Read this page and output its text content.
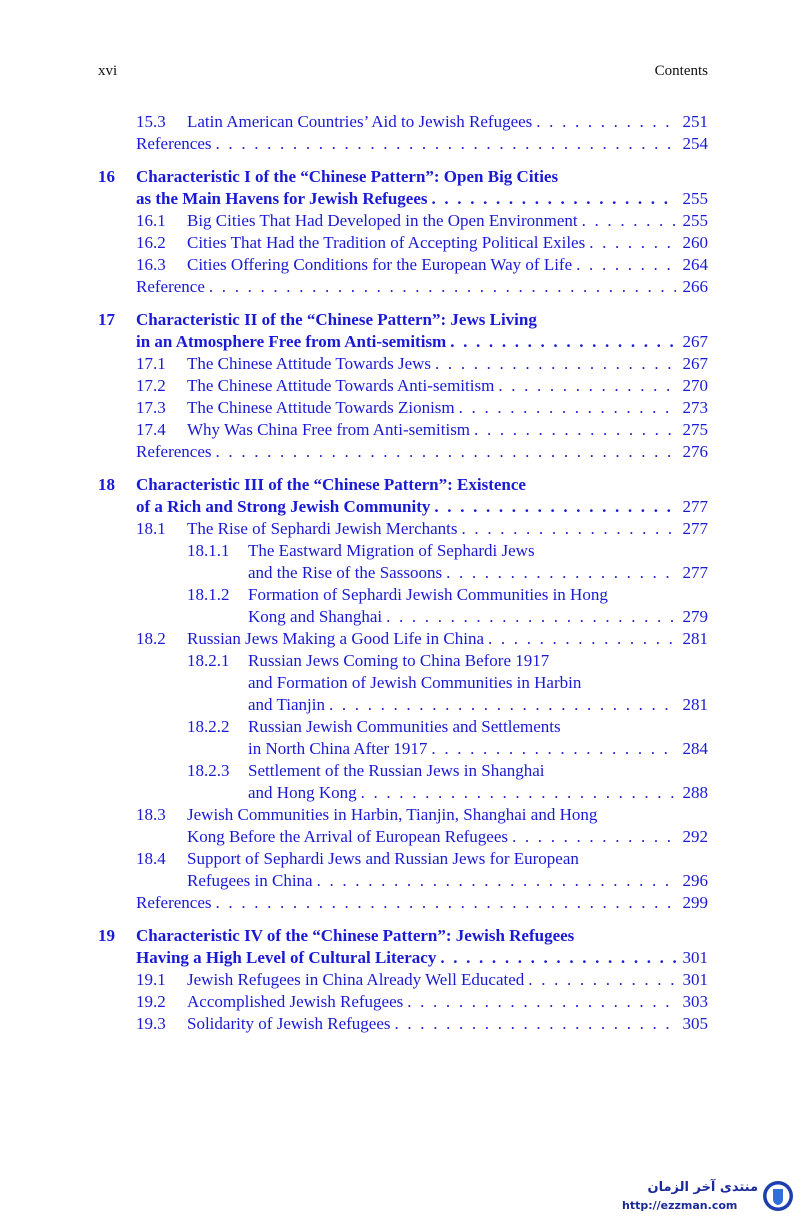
xvi	Contents
15.3 Latin American Countries’ Aid to Jewish Refugees . . .	251
References . . .	254
16 Characteristic I of the “Chinese Pattern”: Open Big Cities
as the Main Havens for Jewish Refugees . . .	255
16.1 Big Cities That Had Developed in the Open Environment . . .	255
16.2 Cities That Had the Tradition of Accepting Political Exiles . . .	260
16.3 Cities Offering Conditions for the European Way of Life . . .	264
Reference . . .	266
17 Characteristic II of the “Chinese Pattern”: Jews Living
in an Atmosphere Free from Anti-semitism . . .	267
17.1 The Chinese Attitude Towards Jews . . .	267
17.2 The Chinese Attitude Towards Anti-semitism . . .	270
17.3 The Chinese Attitude Towards Zionism . . .	273
17.4 Why Was China Free from Anti-semitism . . .	275
References . . .	276
18 Characteristic III of the “Chinese Pattern”: Existence
of a Rich and Strong Jewish Community . . .	277
18.1 The Rise of Sephardi Jewish Merchants . . .	277
18.1.1 The Eastward Migration of Sephardi Jews
and the Rise of the Sassoons . . .	277
18.1.2 Formation of Sephardi Jewish Communities in Hong
Kong and Shanghai . . .	279
18.2 Russian Jews Making a Good Life in China . . .	281
18.2.1 Russian Jews Coming to China Before 1917
and Formation of Jewish Communities in Harbin
and Tianjin . . .	281
18.2.2 Russian Jewish Communities and Settlements
in North China After 1917 . . .	284
18.2.3 Settlement of the Russian Jews in Shanghai
and Hong Kong . . .	288
18.3 Jewish Communities in Harbin, Tianjin, Shanghai and Hong
Kong Before the Arrival of European Refugees . . .	292
18.4 Support of Sephardi Jews and Russian Jews for European
Refugees in China . . .	296
References . . .	299
19 Characteristic IV of the “Chinese Pattern”: Jewish Refugees
Having a High Level of Cultural Literacy . . .	301
19.1 Jewish Refugees in China Already Well Educated . . .	301
19.2 Accomplished Jewish Refugees . . .	303
19.3 Solidarity of Jewish Refugees . . .	305
منتدى آخر الزمان
http://ezzman.com
